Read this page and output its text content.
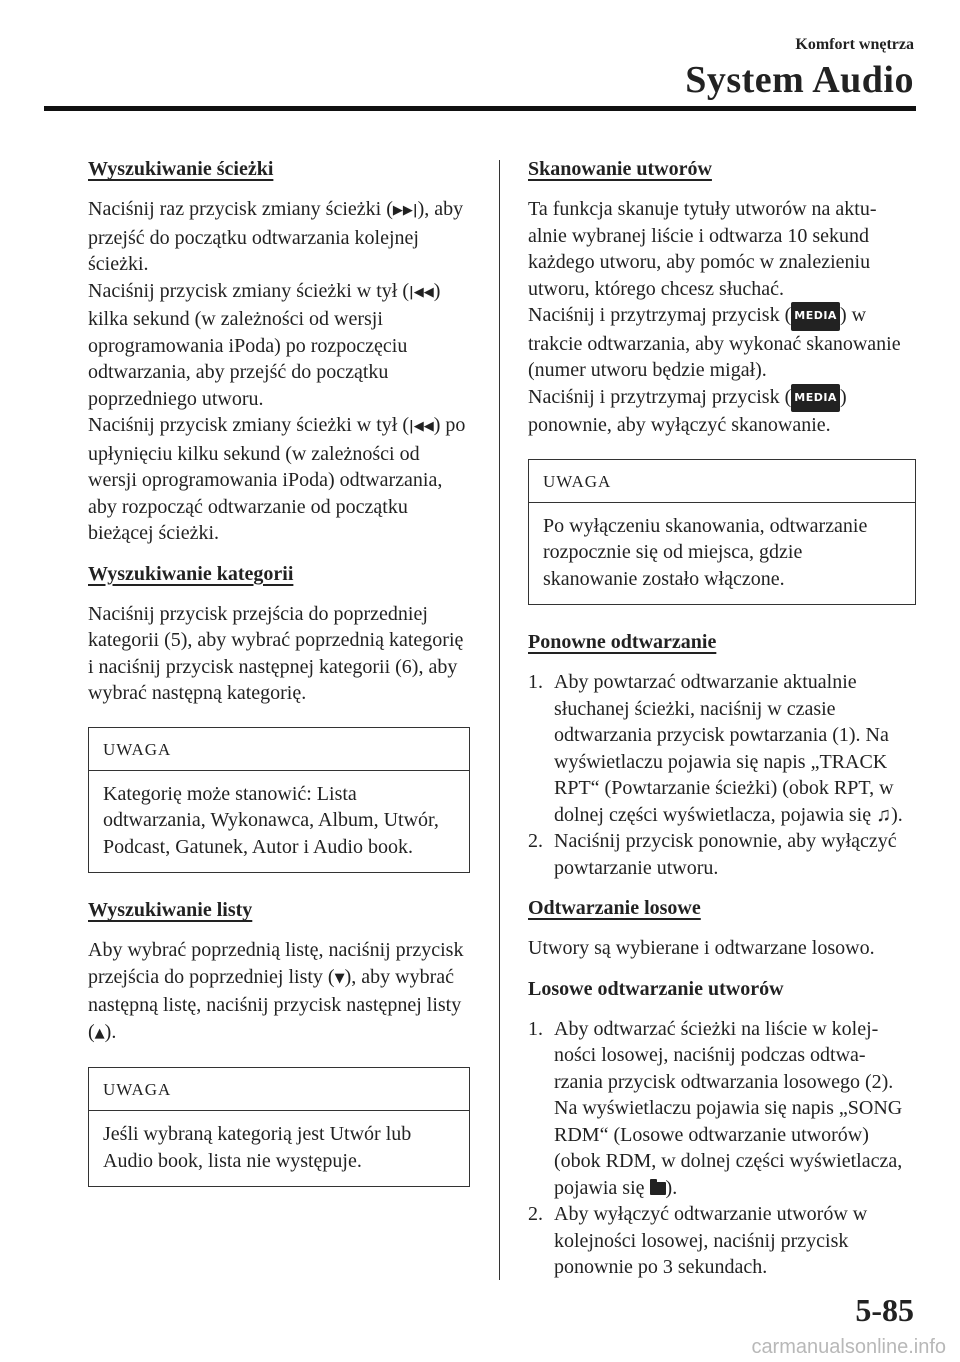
Komfort wnętrza
System Audio
Wyszukiwanie ścieżki

Naciśnij raz przycisk zmiany ścieżki (▶▶|), aby przejść do początku odtwarzania kolejnej ścieżki.

Naciśnij przycisk zmiany ścieżki w tył (|◀◀) kilka sekund (w zależności od wersji oprogramowania iPoda) po rozpoczęciu odtwarzania, aby przejść do początku poprzedniego utworu.

Naciśnij przycisk zmiany ścieżki w tył (|◀◀) po upłynięciu kilku sekund (w zależności od wersji oprogramowania iPoda) odtwarzania, aby rozpocząć odtwarzanie od początku bieżącej ścieżki.

Wyszukiwanie kategorii

Naciśnij przycisk przejścia do poprzedniej kategorii (5), aby wybrać poprzednią kategorię i naciśnij przycisk następnej kategorii (6), aby wybrać następną kategorię.

UWAGA
Kategorię może stanowić: Lista odtwarzania, Wykonawca, Album, Utwór, Podcast, Gatunek, Autor i Audio book.
Wyszukiwanie listy

Aby wybrać poprzednią listę, naciśnij przycisk przejścia do poprzedniej listy (▼), aby wybrać następną listę, naciśnij przycisk następnej listy (▲).

UWAGA
Jeśli wybraną kategorią jest Utwór lub Audio book, lista nie występuje.
Skanowanie utworów

Ta funkcja skanuje tytuły utworów na aktu- alnie wybranej liście i odtwarza 10 sekund każdego utworu, aby pomóc w znalezieniu utworu, którego chcesz słuchać.

Naciśnij i przytrzymaj przycisk ( MEDIA ) w trakcie odtwarzania, aby wykonać skanowanie (numer utworu będzie migał).

Naciśnij i przytrzymaj przycisk ( MEDIA ) ponownie, aby wyłączyć skanowanie.

UWAGA
Po wyłączeniu skanowania, odtwarzanie rozpocznie się od miejsca, gdzie skanowanie zostało włączone.
Ponowne odtwarzanie
1. Aby powtarzać odtwarzanie aktualnie słuchanej ścieżki, naciśnij w czasie odtwarzania przycisk powtarzania (1). Na wyświetlaczu pojawia się napis „TRACK RPT“ (Powtarzanie ścieżki) (obok RPT, w dolnej części wyświetlacza, pojawia się ♫).
2. Naciśnij przycisk ponownie, aby wyłączyć powtarzanie utworu.
Odtwarzanie losowe

Utwory są wybierane i odtwarzane losowo.

Losowe odtwarzanie utworów
1. Aby odtwarzać ścieżki na liście w kolej- ności losowej, naciśnij podczas odtwa- rzania przycisk odtwarzania losowego (2). Na wyświetlaczu pojawia się napis „SONG RDM“ (Losowe odtwarzanie utworów) (obok RDM, w dolnej części wyświetlacza, pojawia się ).
2. Aby wyłączyć odtwarzanie utworów w kolejności losowej, naciśnij przycisk ponownie po 3 sekundach.
5-85
carmanualsonline.info
